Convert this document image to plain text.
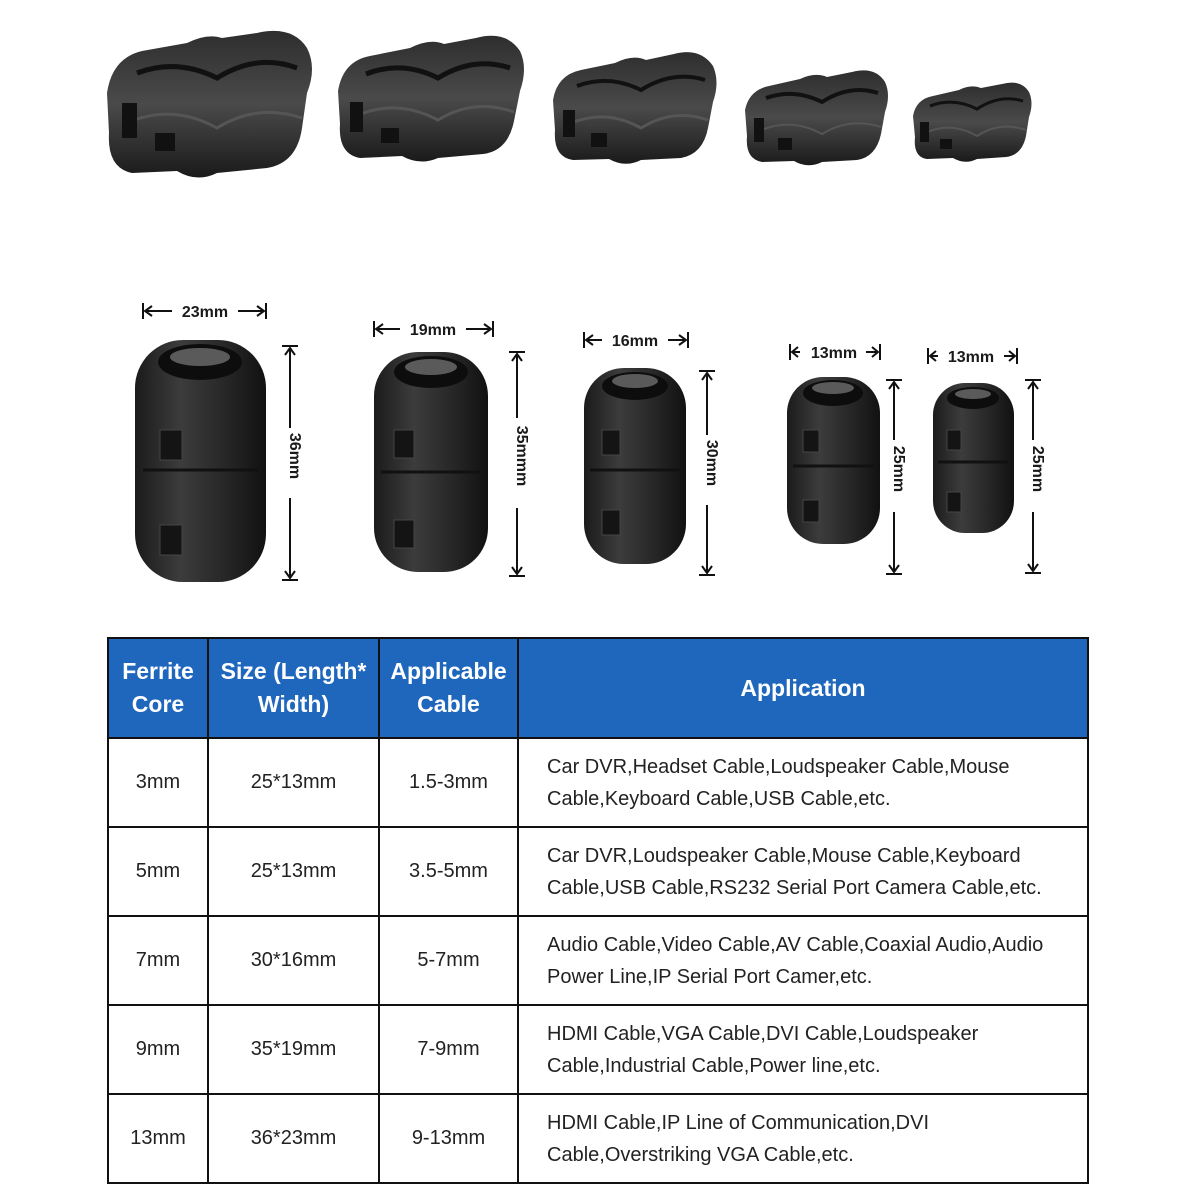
23mm
19mm
16mm
13mm	13mm
36mm	35mmm	30mm	25mm	25mm
Ferrite Core	Size (Length*Width)	Applicable Cable	Application
3mm	25*13mm	1.5-3mm	Car DVR,Headset Cable,Loudspeaker Cable,Mouse Cable,Keyboard Cable,USB Cable,etc.
5mm	25*13mm	3.5-5mm	Car DVR,Loudspeaker Cable,Mouse Cable,Keyboard Cable,USB Cable,RS232 Serial Port Camera Cable,etc.
7mm	30*16mm	5-7mm	Audio Cable,Video Cable,AV Cable,Coaxial Audio,Audio Power Line,IP Serial Port Camer,etc.
9mm	35*19mm	7-9mm	HDMI Cable,VGA Cable,DVI Cable,Loudspeaker Cable,Industrial Cable,Power line,etc.
13mm	36*23mm	9-13mm	HDMI Cable,IP Line of Communication,DVI Cable,Overstriking VGA Cable,etc.
